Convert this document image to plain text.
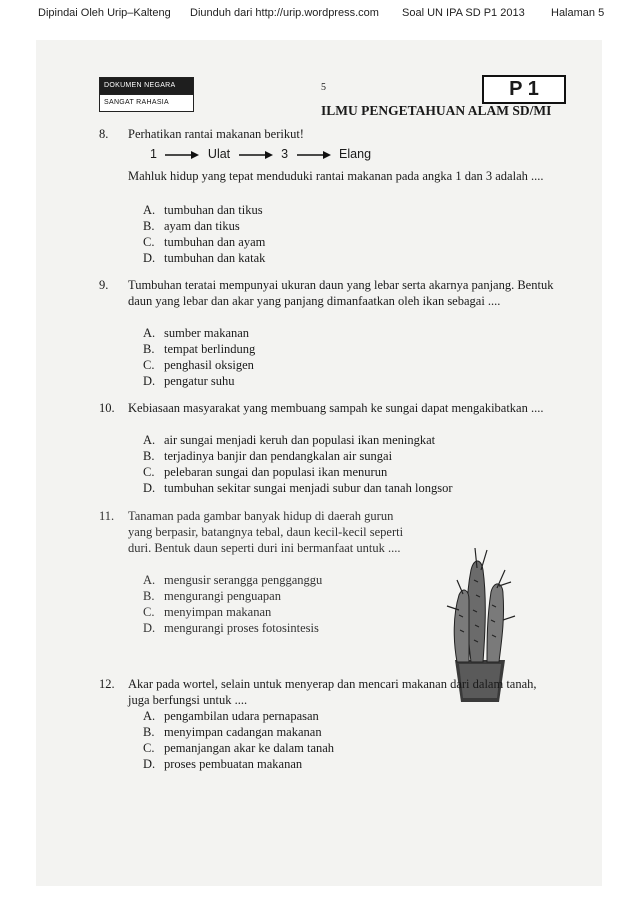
Dipindai Oleh Urip–Kalteng Diunduh dari http://urip.wordpress.com Soal UN IPA SD P1 2013 Halaman 5
DOKUMEN NEGARA
SANGAT RAHASIA
5	P 1
ILMU PENGETAHUAN ALAM SD/MI
8.	Perhatikan rantai makanan berikut!
1	Ulat	3	Elang
Mahluk hidup yang tepat menduduki rantai makanan pada angka 1 dan 3 adalah ....
A. tumbuhan dan tikus
B. ayam dan tikus
C. tumbuhan dan ayam
D. tumbuhan dan katak
9.	Tumbuhan teratai mempunyai ukuran daun yang lebar serta akarnya panjang. Bentuk daun yang lebar dan akar yang panjang dimanfaatkan oleh ikan sebagai ....
A. sumber makanan
B. tempat berlindung
C. penghasil oksigen
D. pengatur suhu
10.	Kebiasaan masyarakat yang membuang sampah ke sungai dapat mengakibatkan ....
A. air sungai menjadi keruh dan populasi ikan meningkat
B. terjadinya banjir dan pendangkalan air sungai
C. pelebaran sungai dan populasi ikan menurun
D. tumbuhan sekitar sungai menjadi subur dan tanah longsor
11.	Tanaman pada gambar banyak hidup di daerah gurun yang berpasir, batangnya tebal, daun kecil-kecil seperti duri. Bentuk daun seperti duri ini bermanfaat untuk ....
A. mengusir serangga pengganggu
B. mengurangi penguapan
C. menyimpan makanan
D. mengurangi proses fotosintesis
12.	Akar pada wortel, selain untuk menyerap dan mencari makanan dari dalam tanah, juga berfungsi untuk ....
A. pengambilan udara pernapasan
B. menyimpan cadangan makanan
C. pemanjangan akar ke dalam tanah
D. proses pembuatan makanan
